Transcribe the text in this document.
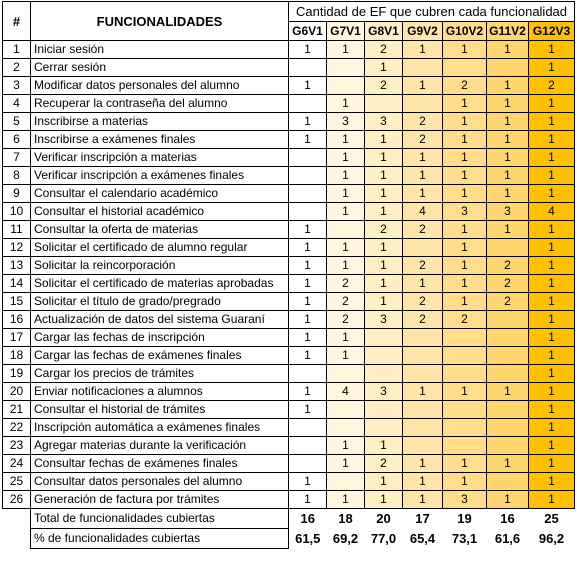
#	FUNCIONALIDADES	Cantidad de EF que cubren cada funcionalidad						
		G6V1	G7V1	G8V1	G9V2	G10V2	G11V2	G12V3
1	Iniciar sesión	1	1	2	1	1	1	1
2	Cerrar sesión			1				1
3	Modificar datos personales del alumno	1		2	1	2	1	2
4	Recuperar la contraseña del alumno		1			1	1	1
5	Inscribirse a materias	1	3	3	2	1	1	1
6	Inscribirse a exámenes finales	1	1	1	2	1	1	1
7	Verificar inscripción a materias		1	1	1	1	1	1
8	Verificar inscripción a exámenes finales		1	1	1	1	1	1
9	Consultar el calendario académico		1	1	1	1	1	1
10	Consultar el historial académico		1	1	4	3	3	4
11	Consultar la oferta de materias	1		2	2	1	1	1
12	Solicitar el certificado de alumno regular	1	1	1		1		1
13	Solicitar la reincorporación	1	1	1	2	1	2	1
14	Solicitar el certificado de materias aprobadas	1	2	1	1	1	2	1
15	Solicitar el título de grado/pregrado	1	2	1	2	1	2	1
16	Actualización de datos del sistema Guaraní	1	2	3	2	2		1
17	Cargar las fechas de inscripción	1	1					1
18	Cargar las fechas de exámenes finales	1	1					1
19	Cargar los precios de trámites							1
20	Enviar notificaciones a alumnos	1	4	3	1	1	1	1
21	Consultar el historial de trámites	1						1
22	Inscripción automática a exámenes finales							1
23	Agregar materias durante la verificación		1	1				1
24	Consultar fechas de exámenes finales		1	2	1	1	1	1
25	Consultar datos personales del alumno	1		1	1	1		1
26	Generación de factura por trámites	1	1	1	1	3	1	1
	Total de funcionalidades cubiertas	16	18	20	17	19	16	25
	% de funcionalidades cubiertas	61,5	69,2	77,0	65,4	73,1	61,6	96,2
